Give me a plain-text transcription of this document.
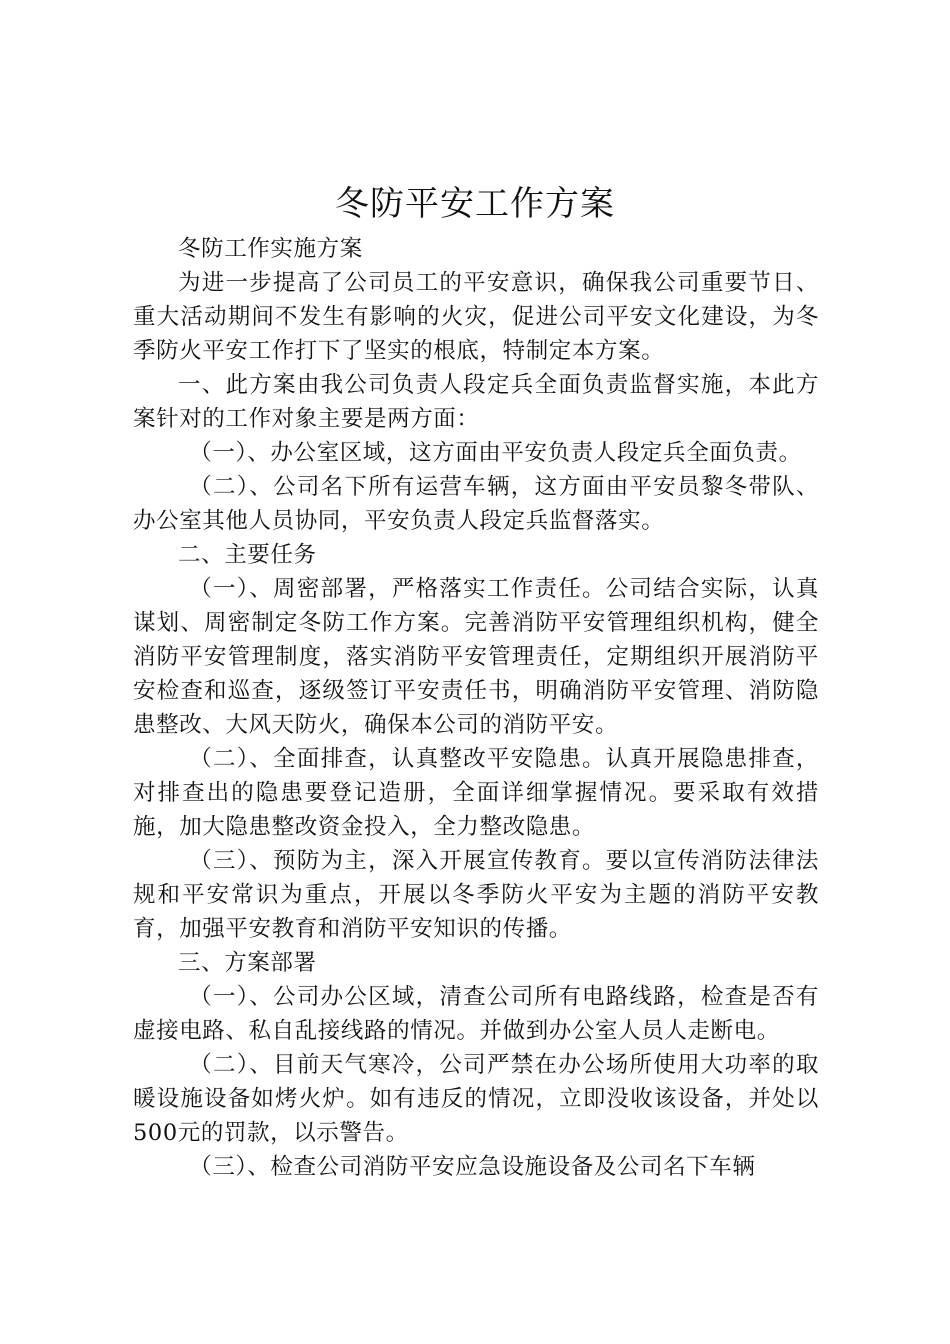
冬防平安工作方案

冬防工作实施方案

为进一步提高了公司员工的平安意识，确保我公司重要节日、重大活动期间不发生有影响的火灾，促进公司平安文化建设，为冬季防火平安工作打下了坚实的根底，特制定本方案。

一、此方案由我公司负责人段定兵全面负责监督实施，本此方案针对的工作对象主要是两方面：

（一）、办公室区域，这方面由平安负责人段定兵全面负责。

（二）、公司名下所有运营车辆，这方面由平安员黎冬带队、办公室其他人员协同，平安负责人段定兵监督落实。

二、主要任务

（一）、周密部署，严格落实工作责任。公司结合实际，认真谋划、周密制定冬防工作方案。完善消防平安管理组织机构，健全消防平安管理制度，落实消防平安管理责任，定期组织开展消防平安检查和巡查，逐级签订平安责任书，明确消防平安管理、消防隐患整改、大风天防火，确保本公司的消防平安。

（二）、全面排查，认真整改平安隐患。认真开展隐患排查，对排查出的隐患要登记造册，全面详细掌握情况。要采取有效措施，加大隐患整改资金投入，全力整改隐患。

（三）、预防为主，深入开展宣传教育。要以宣传消防法律法规和平安常识为重点，开展以冬季防火平安为主题的消防平安教育，加强平安教育和消防平安知识的传播。

三、方案部署

（一）、公司办公区域，清查公司所有电路线路，检查是否有虚接电路、私自乱接线路的情况。并做到办公室人员人走断电。

（二）、目前天气寒冷，公司严禁在办公场所使用大功率的取暖设施设备如烤火炉。如有违反的情况，立即没收该设备，并处以500元的罚款，以示警告。

（三）、检查公司消防平安应急设施设备及公司名下车辆
